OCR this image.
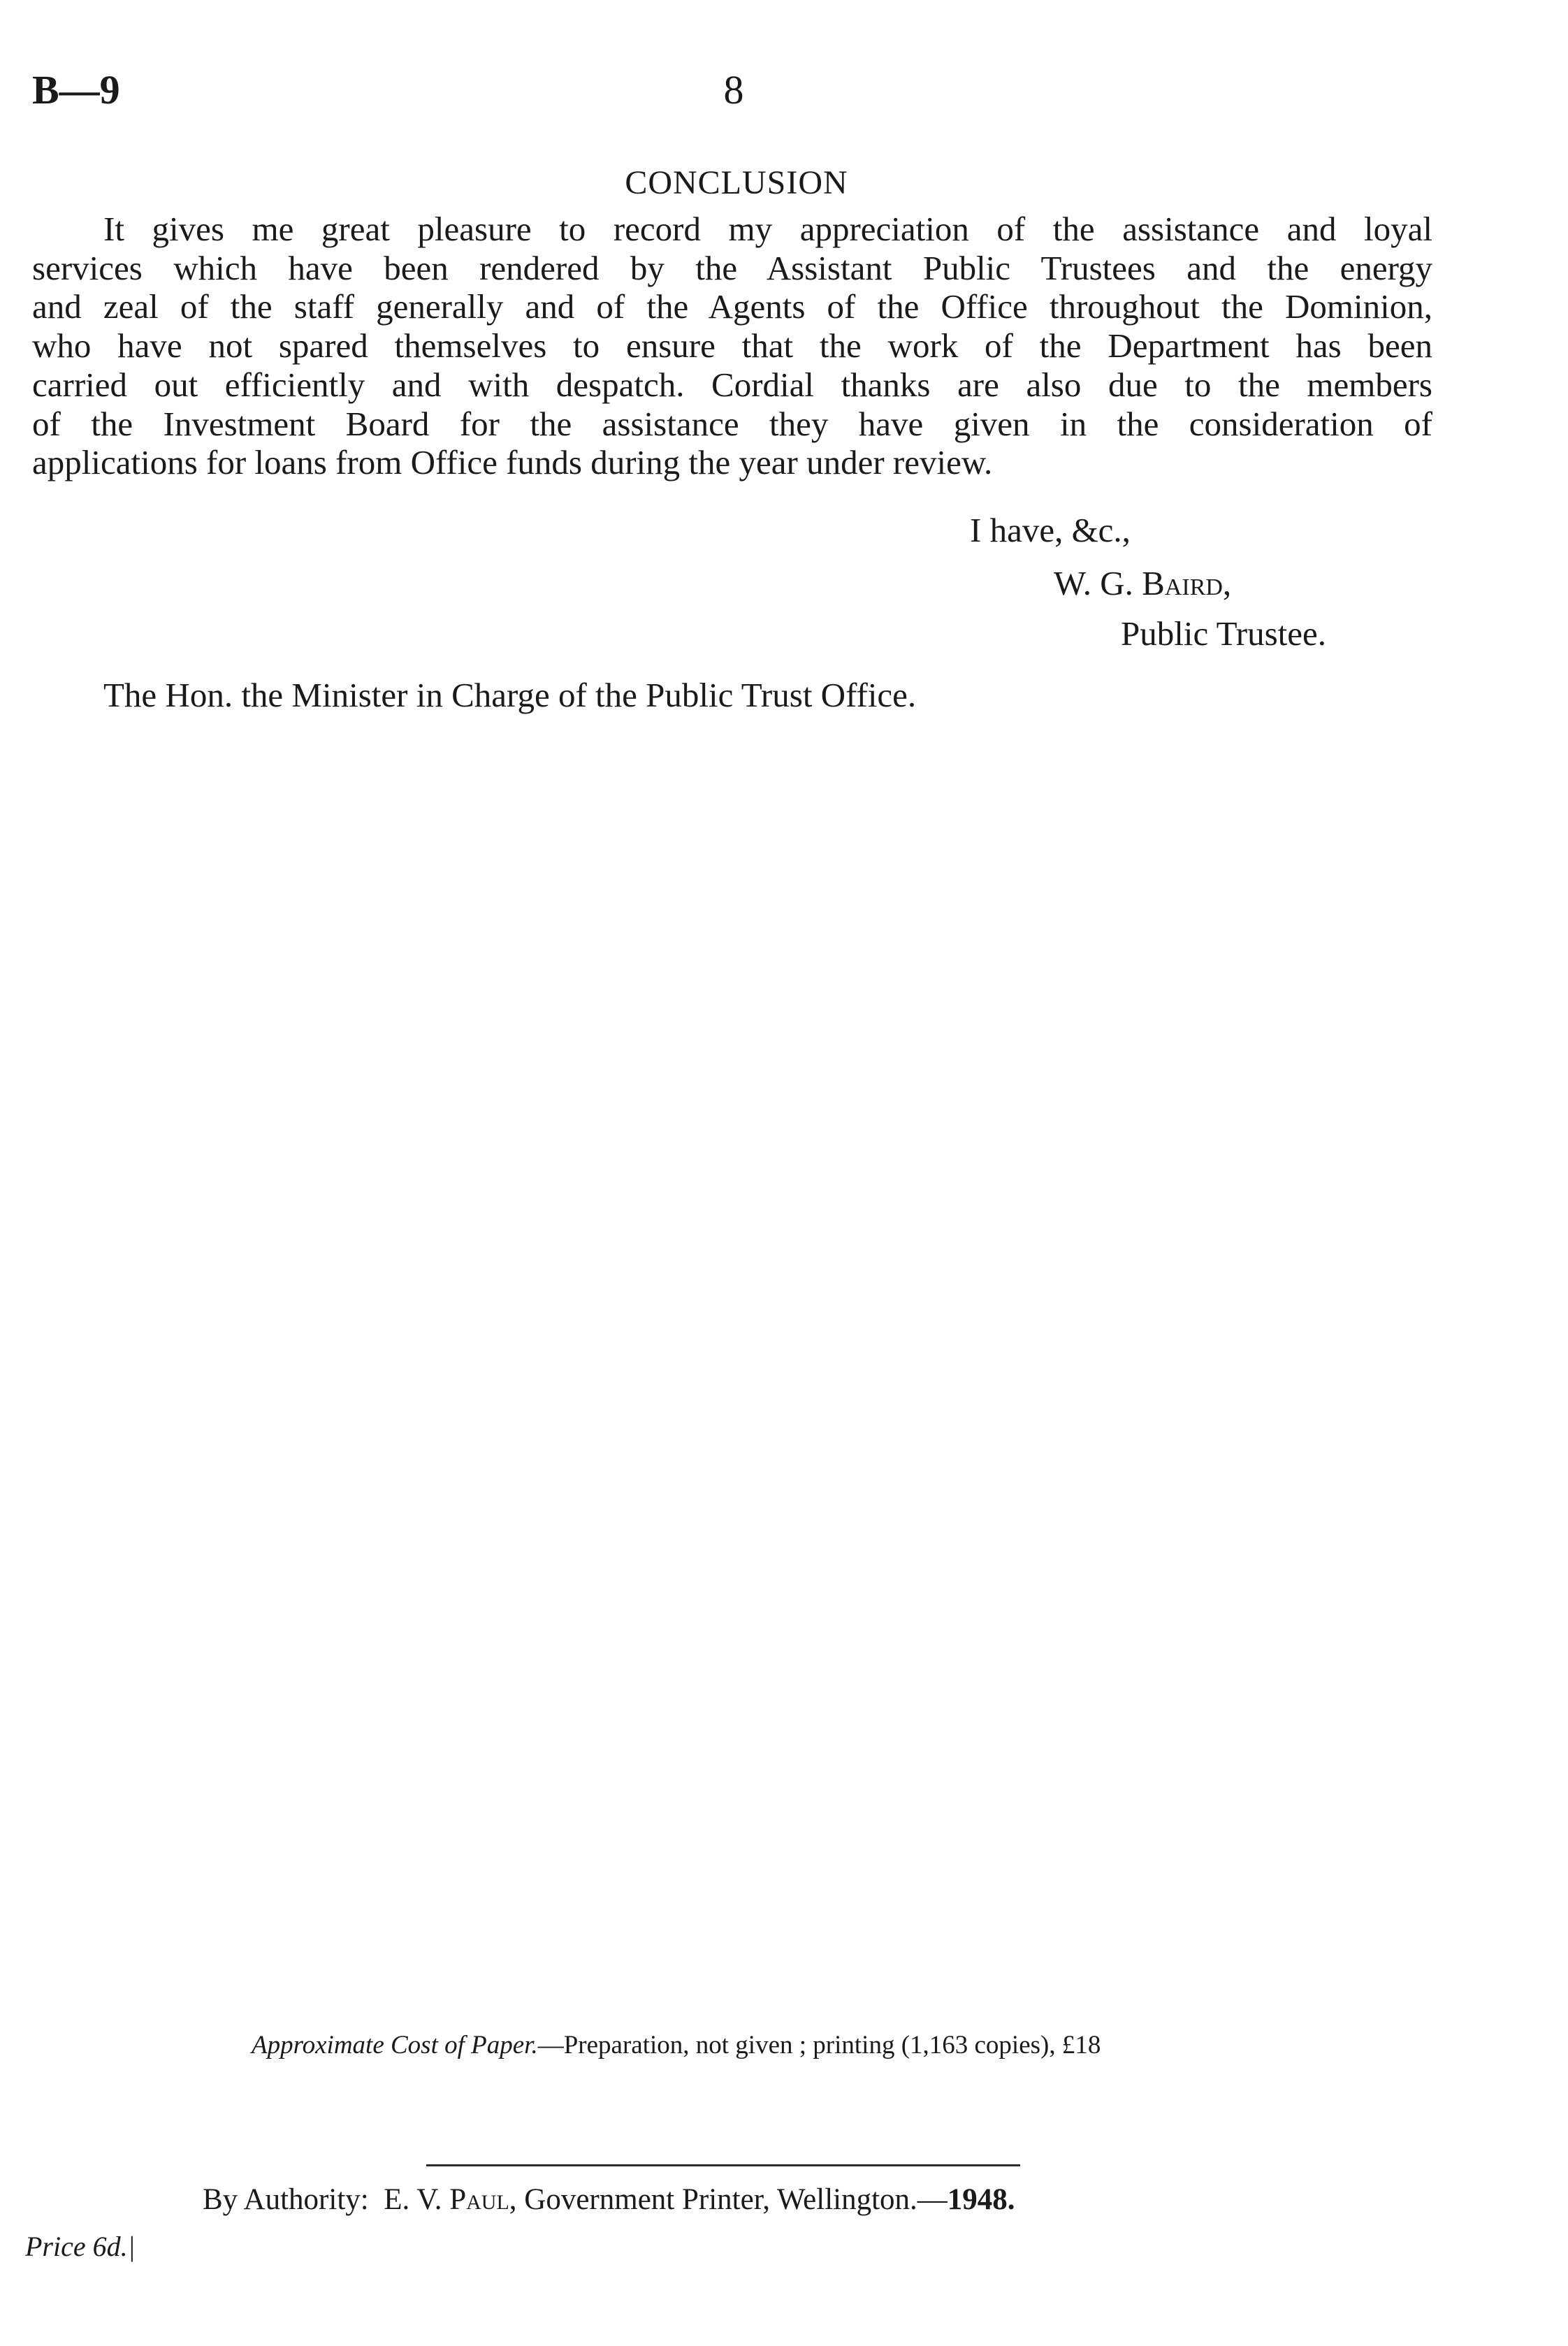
B—9	8
CONCLUSION

It gives me great pleasure to record my appreciation of the assistance and loyal
services which have been rendered by the Assistant Public Trustees and the energy
and zeal of the staff generally and of the Agents of the Office throughout the Dominion,
who have not spared themselves to ensure that the work of the Department has been
carried out efficiently and with despatch. Cordial thanks are also due to the members
of the Investment Board for the assistance they have given in the consideration of
applications for loans from Office funds during the year under review.

I have, &c.,
W. G. Baird,
Public Trustee.
The Hon. the Minister in Charge of the Public Trust Office.
Approximate Cost of Paper.—Preparation, not given ; printing (1,163 copies), £18
By Authority:  E. V. Paul, Government Printer, Wellington.—1948.
Price 6d.|
